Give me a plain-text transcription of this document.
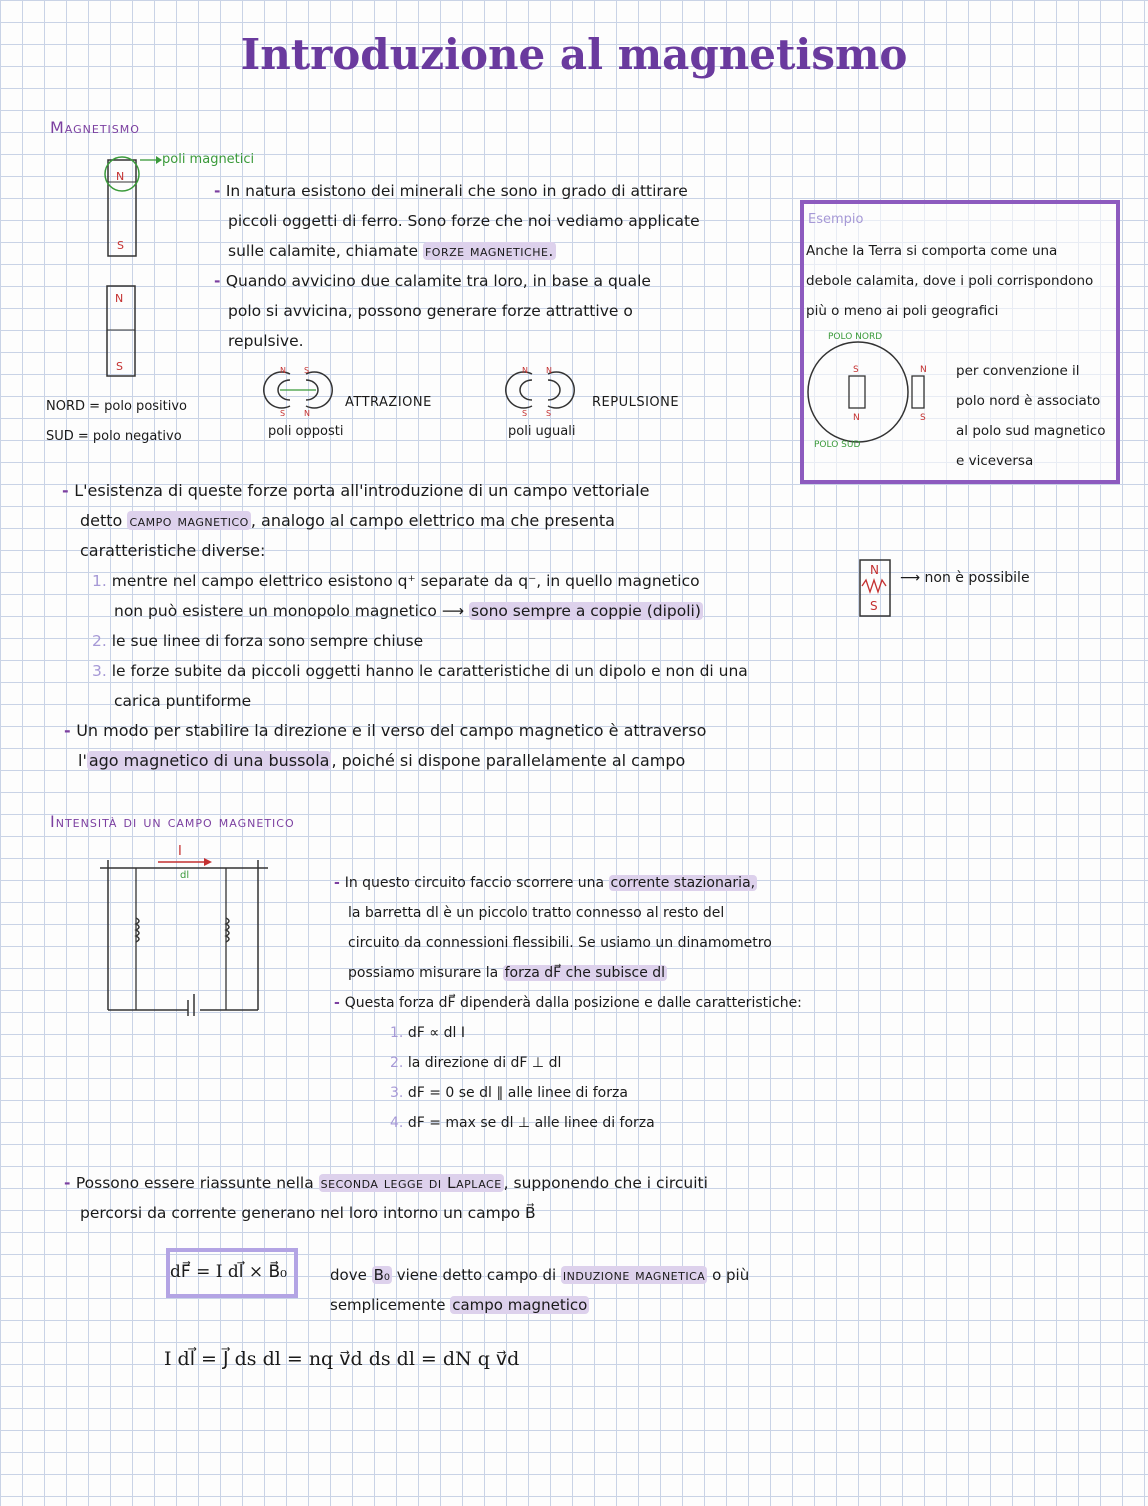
Introduzione al magnetismo
Magnetismo
N
S
poli magnetici
N
S
- In natura esistono dei minerali che sono in grado di attirare
piccoli oggetti di ferro. Sono forze che noi vediamo applicate
sulle calamite, chiamate forze magnetiche.
- Quando avvicino due calamite tra loro, in base a quale
polo si avvicina, possono generare forze attrattive o
repulsive.
NORD = polo positivo
SUD = polo negativo
N S
S N
ATTRAZIONE
poli opposti
N N
S S
REPULSIONE
poli uguali
Esempio
Anche la Terra si comporta come una
debole calamita, dove i poli corrispondono
più o meno ai poli geografici
S
N
N
S
POLO NORD
POLO SUD
per convenzione il
polo nord è associato
al polo sud magnetico
e viceversa
- L'esistenza di queste forze porta all'introduzione di un campo vettoriale
detto campo magnetico , analogo al campo elettrico ma che presenta
caratteristiche diverse:
1. mentre nel campo elettrico esistono q⁺ separate da q⁻, in quello magnetico
non può esistere un monopolo magnetico ⟶ sono sempre a coppie (dipoli)
2. le sue linee di forza sono sempre chiuse
3. le forze subite da piccoli oggetti hanno le caratteristiche di un dipolo e non di una
carica puntiforme
N
S
⟶ non è possibile
- Un modo per stabilire la direzione e il verso del campo magnetico è attraverso
l' ago magnetico di una bussola , poiché si dispone parallelamente al campo
Intensità di un campo magnetico
I
dl	- In questo circuito faccio scorrere una corrente stazionaria,
la barretta dl è un piccolo tratto connesso al resto del
circuito da connessioni flessibili. Se usiamo un dinamometro
possiamo misurare la forza dF⃗ che subisce dl
- Questa forza dF⃗ dipenderà dalla posizione e dalle caratteristiche:
1. dF ∝ dl I
2. la direzione di dF ⊥ dl
3. dF = 0 se dl ∥ alle linee di forza
4. dF = max se dl ⊥ alle linee di forza
- Possono essere riassunte nella seconda legge di Laplace , supponendo che i circuiti
percorsi da corrente generano nel loro intorno un campo B⃗
dF⃗ = I dl⃗ × B⃗₀	dove B₀ viene detto campo di induzione magnetica o più
semplicemente campo magnetico
I dl⃗ = J⃗ ds dl = nq v⃗d ds dl = dN q v⃗d
